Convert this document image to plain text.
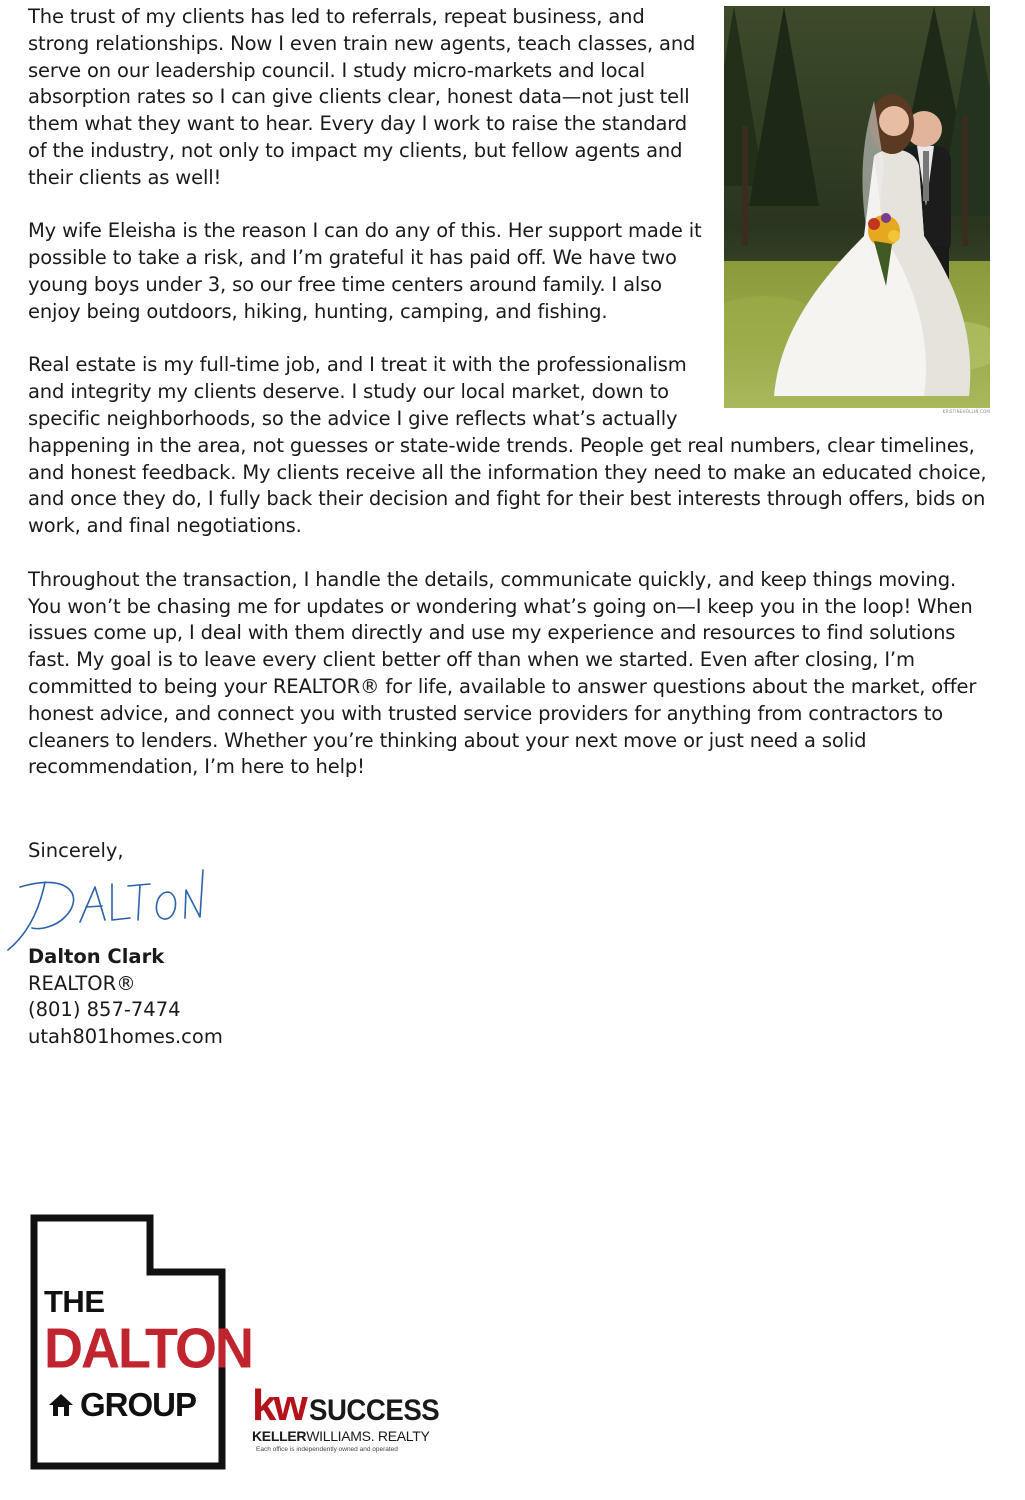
KRISTINEHOLLIN.COM

The trust of my clients has led to referrals, repeat business, and strong relationships. Now I even train new agents, teach classes, and serve on our leadership council. I study micro-markets and local absorption rates so I can give clients clear, honest data—not just tell them what they want to hear. Every day I work to raise the standard of the industry, not only to impact my clients, but fellow agents and their clients as well!

My wife Eleisha is the reason I can do any of this. Her support made it possible to take a risk, and I’m grateful it has paid off. We have two young boys under 3, so our free time centers around family. I also enjoy being outdoors, hiking, hunting, camping, and fishing.

Real estate is my full-time job, and I treat it with the professionalism and integrity my clients deserve. I study our local market, down to specific neighborhoods, so the advice I give reflects what’s actually happening in the area, not guesses or state-wide trends. People get real numbers, clear timelines, and honest feedback. My clients receive all the information they need to make an educated choice, and once they do, I fully back their decision and fight for their best interests through offers, bids on work, and final negotiations.

Throughout the transaction, I handle the details, communicate quickly, and keep things moving. You won’t be chasing me for updates or wondering what’s going on—I keep you in the loop! When issues come up, I deal with them directly and use my experience and resources to find solutions fast. My goal is to leave every client better off than when we started. Even after closing, I’m committed to being your REALTOR® for life, available to answer questions about the market, offer honest advice, and connect you with trusted service providers for anything from contractors to cleaners to lenders. Whether you’re thinking about your next move or just need a solid recommendation, I’m here to help!

Sincerely,
Dalton Clark
REALTOR®
(801) 857-7474
utah801homes.com
THE
DALTON
GROUP kw SUCCESS
KELLERWILLIAMS. REALTY
Each office is independently owned and operated
